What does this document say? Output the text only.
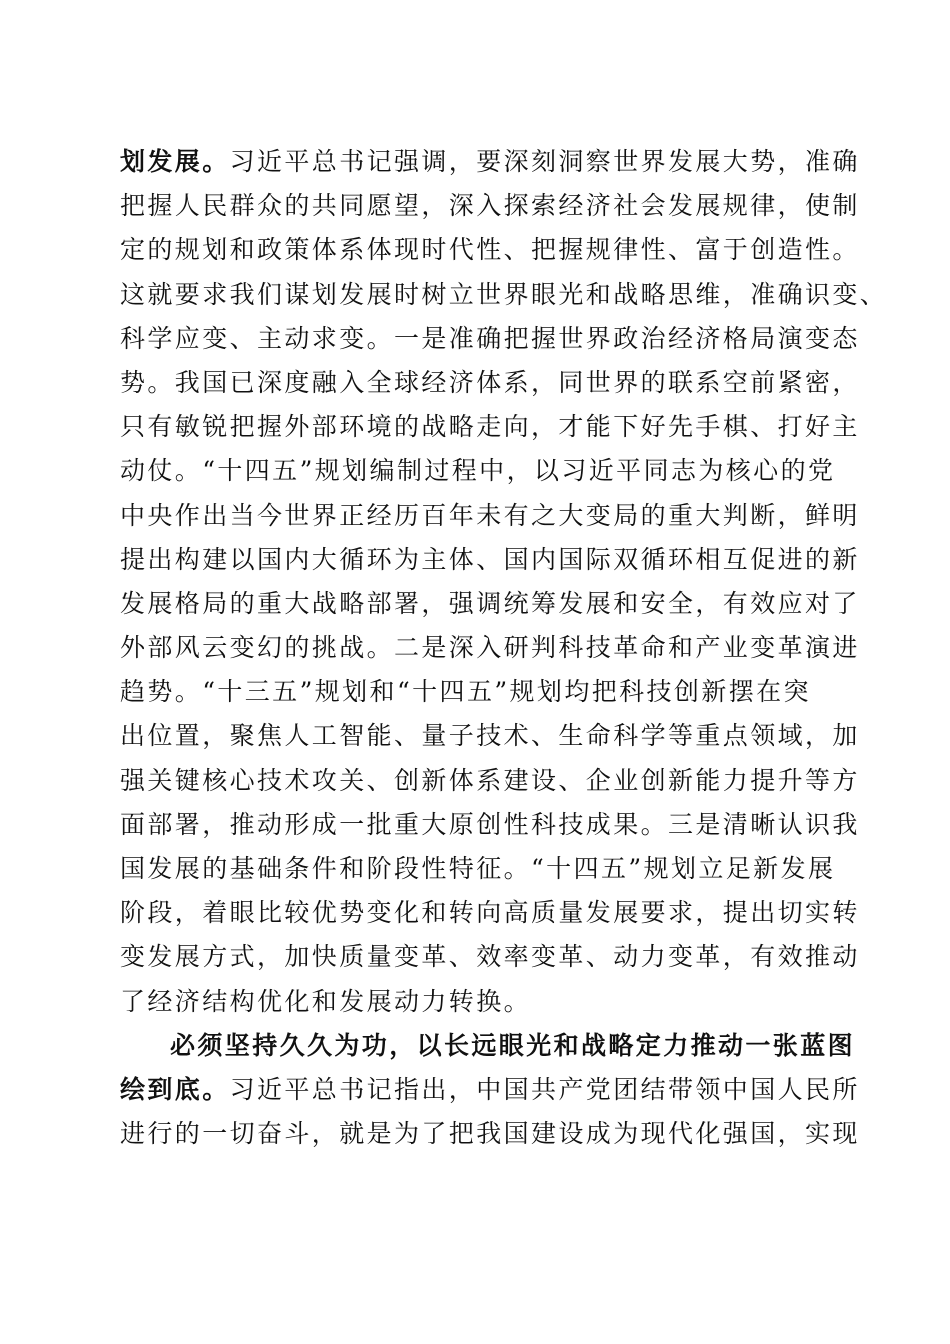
划发展。习近平总书记强调，要深刻洞察世界发展大势，准确
把握人民群众的共同愿望，深入探索经济社会发展规律，使制
定的规划和政策体系体现时代性、把握规律性、富于创造性。
这就要求我们谋划发展时树立世界眼光和战略思维，准确识变、
科学应变、主动求变。一是准确把握世界政治经济格局演变态
势。我国已深度融入全球经济体系，同世界的联系空前紧密，
只有敏锐把握外部环境的战略走向，才能下好先手棋、打好主
动仗。“十四五”规划编制过程中，以习近平同志为核心的党
中央作出当今世界正经历百年未有之大变局的重大判断，鲜明
提出构建以国内大循环为主体、国内国际双循环相互促进的新
发展格局的重大战略部署，强调统筹发展和安全，有效应对了
外部风云变幻的挑战。二是深入研判科技革命和产业变革演进
趋势。“十三五”规划和“十四五”规划均把科技创新摆在突
出位置，聚焦人工智能、量子技术、生命科学等重点领域，加
强关键核心技术攻关、创新体系建设、企业创新能力提升等方
面部署，推动形成一批重大原创性科技成果。三是清晰认识我
国发展的基础条件和阶段性特征。“十四五”规划立足新发展
阶段，着眼比较优势变化和转向高质量发展要求，提出切实转
变发展方式，加快质量变革、效率变革、动力变革，有效推动
了经济结构优化和发展动力转换。
必须坚持久久为功，以长远眼光和战略定力推动一张蓝图
绘到底。习近平总书记指出，中国共产党团结带领中国人民所
进行的一切奋斗，就是为了把我国建设成为现代化强国，实现
